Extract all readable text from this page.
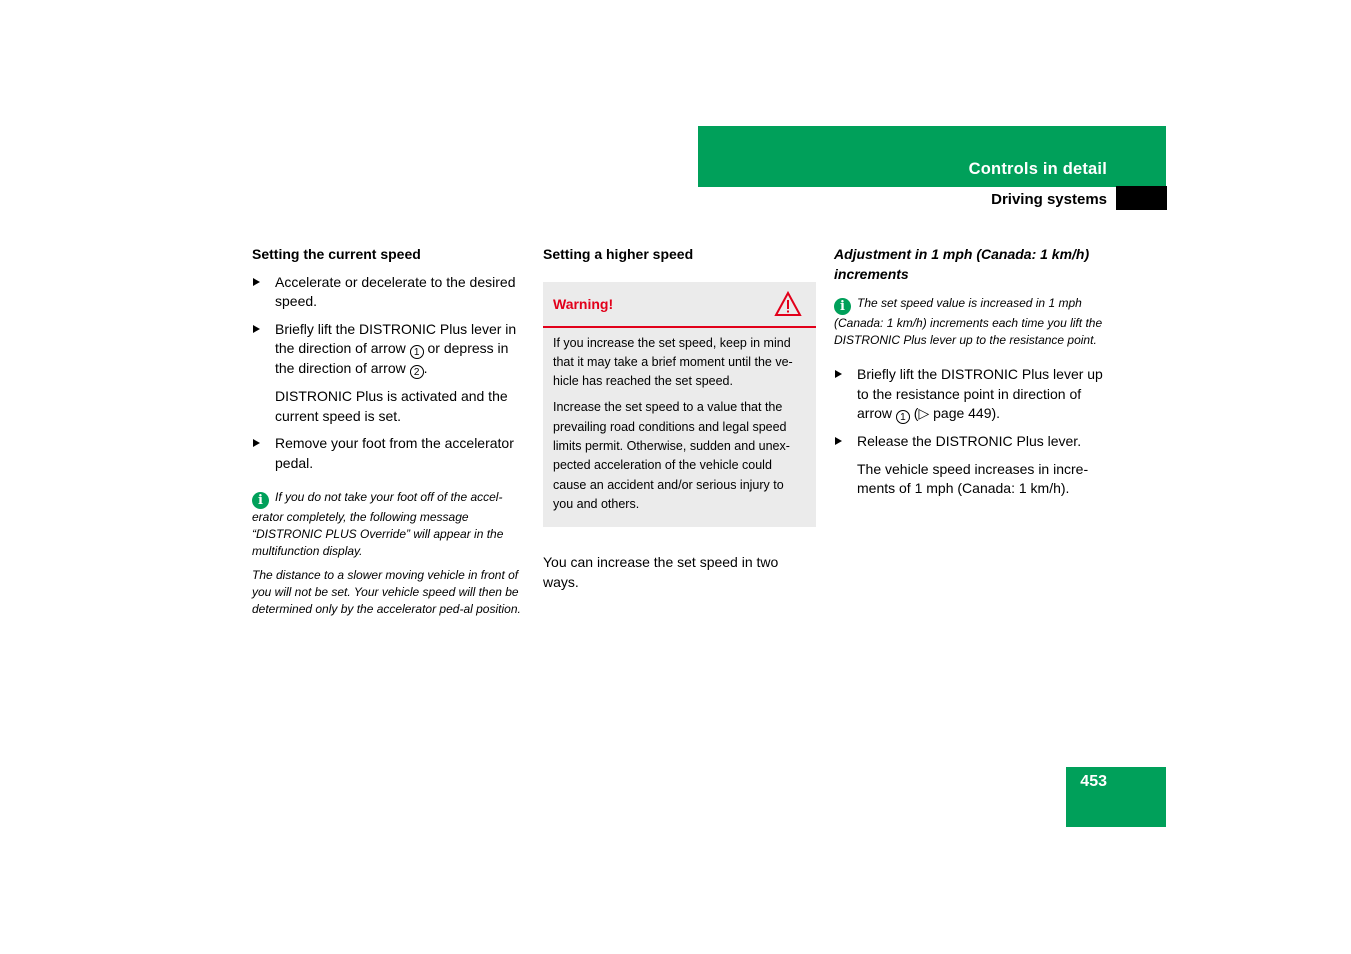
Controls in detail
Driving systems
453

Setting the current speed

Accelerate or decelerate to the desired speed.
Briefly lift the DISTRONIC Plus lever in the direction of arrow 1 or depress in the direction of arrow 2 .

DISTRONIC Plus is activated and the current speed is set.

Remove your foot from the accelerator pedal.

i If you do not take your foot off of the accel-erator completely, the following message “DISTRONIC PLUS Override” will appear in the multifunction display.

The distance to a slower moving vehicle in front of you will not be set. Your vehicle speed will then be determined only by the accelerator ped-al position.

Setting a higher speed

Warning!

If you increase the set speed, keep in mind that it may take a brief moment until the ve-hicle has reached the set speed.

Increase the set speed to a value that the prevailing road conditions and legal speed limits permit. Otherwise, sudden and unex-pected acceleration of the vehicle could cause an accident and/or serious injury to you and others.

You can increase the set speed in two ways.

Adjustment in 1 mph (Canada: 1 km/h) increments

i The set speed value is increased in 1 mph (Canada: 1 km/h) increments each time you lift the DISTRONIC Plus lever up to the resistance point.

Briefly lift the DISTRONIC Plus lever up to the resistance point in direction of arrow 1 (▷ page 449).
Release the DISTRONIC Plus lever.

The vehicle speed increases in incre-ments of 1 mph (Canada: 1 km/h).
